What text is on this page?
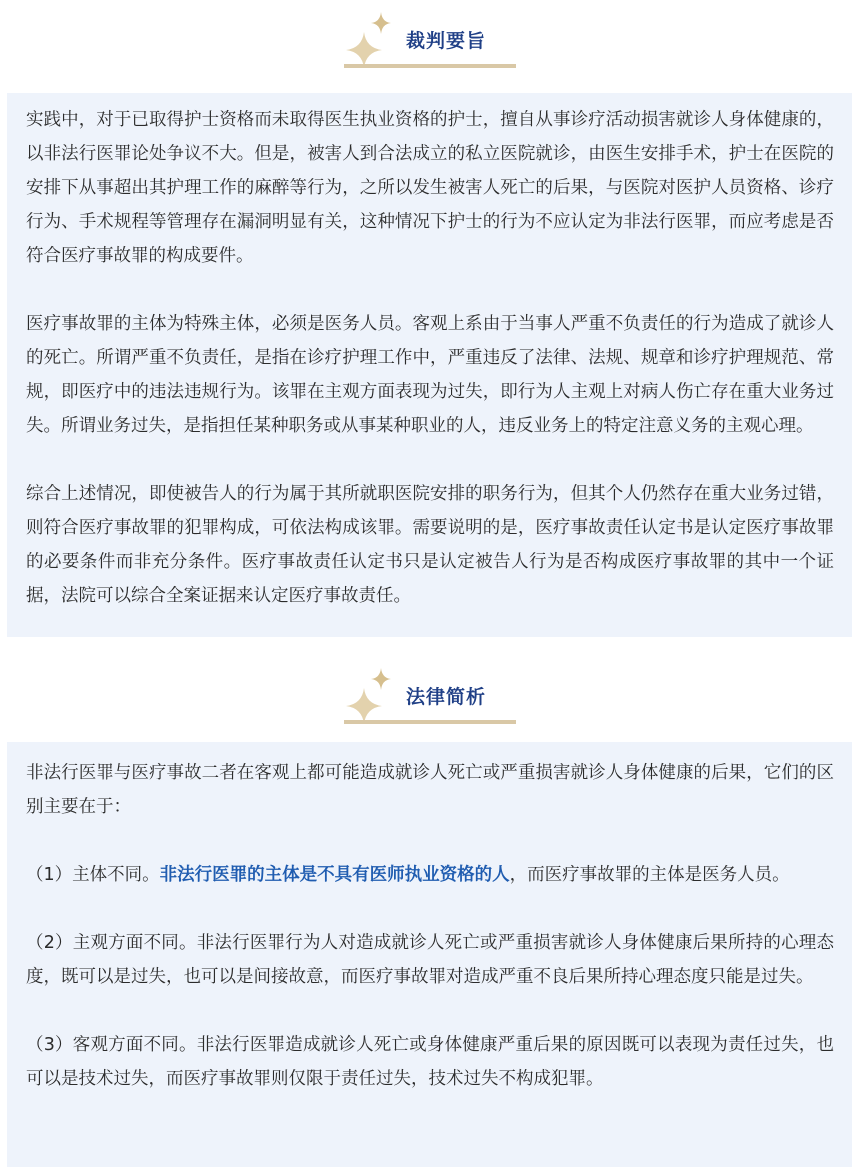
裁判要旨

实践中，对于已取得护士资格而未取得医生执业资格的护士，擅自从事诊疗活动损害就诊人身体健康的，以非法行医罪论处争议不大。但是，被害人到合法成立的私立医院就诊，由医生安排手术，护士在医院的安排下从事超出其护理工作的麻醉等行为，之所以发生被害人死亡的后果，与医院对医护人员资格、诊疗行为、手术规程等管理存在漏洞明显有关，这种情况下护士的行为不应认定为非法行医罪，而应考虑是否符合医疗事故罪的构成要件。

医疗事故罪的主体为特殊主体，必须是医务人员。客观上系由于当事人严重不负责任的行为造成了就诊人的死亡。所谓严重不负责任，是指在诊疗护理工作中，严重违反了法律、法规、规章和诊疗护理规范、常规，即医疗中的违法违规行为。该罪在主观方面表现为过失，即行为人主观上对病人伤亡存在重大业务过失。所谓业务过失，是指担任某种职务或从事某种职业的人，违反业务上的特定注意义务的主观心理。

综合上述情况，即使被告人的行为属于其所就职医院安排的职务行为，但其个人仍然存在重大业务过错，则符合医疗事故罪的犯罪构成，可依法构成该罪。需要说明的是，医疗事故责任认定书是认定医疗事故罪的必要条件而非充分条件。医疗事故责任认定书只是认定被告人行为是否构成医疗事故罪的其中一个证据，法院可以综合全案证据来认定医疗事故责任。

法律简析

非法行医罪与医疗事故二者在客观上都可能造成就诊人死亡或严重损害就诊人身体健康的后果，它们的区别主要在于：

（1）主体不同。非法行医罪的主体是不具有医师执业资格的人，而医疗事故罪的主体是医务人员。

（2）主观方面不同。非法行医罪行为人对造成就诊人死亡或严重损害就诊人身体健康后果所持的心理态度，既可以是过失，也可以是间接故意，而医疗事故罪对造成严重不良后果所持心理态度只能是过失。

（3）客观方面不同。非法行医罪造成就诊人死亡或身体健康严重后果的原因既可以表现为责任过失，也可以是技术过失，而医疗事故罪则仅限于责任过失，技术过失不构成犯罪。
